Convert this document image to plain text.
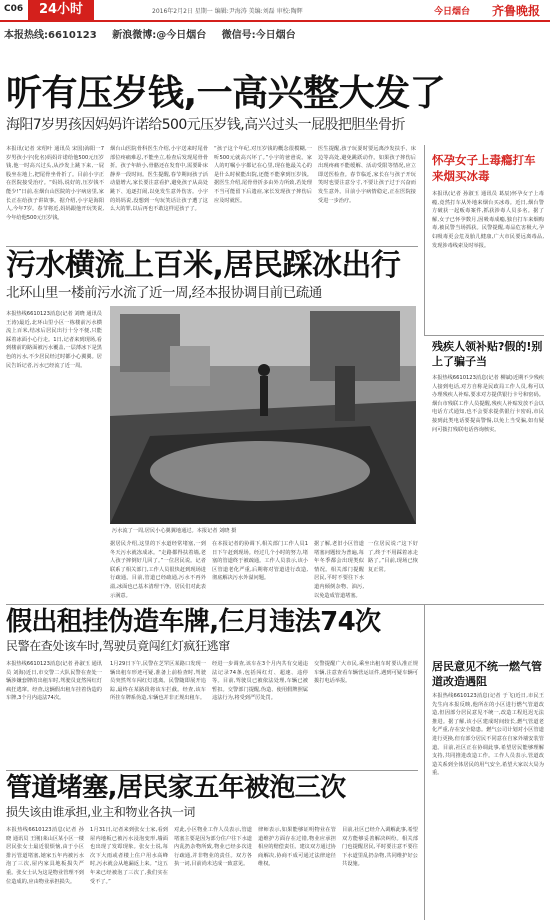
C06	24小时	2016年2月2日 星期一 编辑:尹海涛 美编:刘磊 审校:陶辉	今日烟台 齐鲁晚报
本报热线:6610123 新浪微博:@今日烟台 微信号:今日烟台
听有压岁钱,一高兴整大发了
海阳7岁男孩因妈妈许诺给500元压岁钱,高兴过头一屁股把胆坐骨折
本报讯(记者 宋绍叶 通讯员 宋国)海阳一7岁男孩小宇(化名)妈妈许诺给他500元压岁钱,他一时高兴过头,从沙发上跳下来,一屁股坐在地上,把尾骨坐骨折了。目前小宇正在医院接受治疗。“妈妈,说好的,压岁钱不能少!”日前,在烟台山医院的小宇病房里,家长正在给孩子讲故事。据介绍,小宇是海阳人,今年7岁。春节将近,妈妈跟他开玩笑说,今年给他500元压岁钱。
烟台山医院骨科医生介绍,小宇送来时尾骨部位疼痛难忍,不能坐立,检查后发现尾骨骨折。孩子年龄小,骨骼还在发育中,需要卧床静养一段时间。医生提醒,春节期间孩子活动量增大,家长要注意看护,避免孩子从高处跳下、追逐打闹,以免发生意外伤害。小宇的妈妈说,没想到一句玩笑话让孩子遭了这么大的罪,以后再也不敢这样逗孩子了。
“孩子这个年纪,对压岁钱的概念很模糊,一听500元就高兴坏了。”小宇的爸爸说。家人的叮嘱小宇都记在心里,现在他最关心的是什么时候能出院,还能不能拿到压岁钱。据医生介绍,尾骨骨折多由外力所致,若处理不当可能留下后遗症,家长发现孩子摔伤后应及时就医。
医生提醒,孩子玩耍时要远离沙发扶手、床边等高处,避免跳跃动作。如果孩子摔伤后出现疼痛不能缓解、活动受限等情况,应立即送医检查。春节临近,家长在与孩子开玩笑时也要注意分寸,不要让孩子过于兴奋而发生意外。目前小宇病情稳定,正在医院接受进一步治疗。
怀孕女子上毒瘾打车来烟买冰毒
本报讯(记者 孙淑玉 通讯员 葛辰)怀孕女子上毒瘾,竟然打车从外地来烟台买冰毒。近日,烟台警方破获一起贩毒案件,抓获涉毒人员多名。据了解,女子已怀孕数月,因吸毒成瘾,独自打车来烟购毒,被民警当场抓获。民警提醒,毒品危害极大,孕妇吸毒更会危及胎儿健康,广大市民要远离毒品,发现涉毒线索及时举报。
污水横流上百米,居民踩冰出行
北环山里一楼前污水流了近一周,经本报协调目前已疏通
本报热线6610123消息(记者 刘晓 通讯员 王涛)最近,北环山里小区一栋楼前污水横流上百米,结冰后居民出行十分不便,只能踩着冰面小心行走。1日,记者来到现场,看到楼前的路面被污水覆盖,一层薄冰下是黑色的污水,不少居民经过时都小心翼翼。居民告诉记者,污水已经流了近一周。
污水流了一周,居民小心翼翼地通过。本报记者 刘晓 摄
据居民介绍,这里的下水道经常堵塞,一到冬天污水就冻成冰。“走路都得扶着墙,老人孩子摔倒好几回了。”一位居民说。记者联系了相关部门,工作人员很快赶到现场进行疏通。目前,管道已经疏通,污水不再外溢,冰面也已基本清理干净。居民们对此表示满意。
在本报记者的协调下,相关部门工作人员1日下午赶到现场。经过几个小时的努力,堵塞的管道终于被疏通。工作人员表示,该小区管道老化严重,后期将对管道进行改造,彻底解决污水外溢问题。
据了解,老旧小区管道堵塞问题较为普遍,每年冬季都会出现类似情况。相关部门提醒居民,平时不要往下水道内倾倒杂物、油污,以免造成管道堵塞。
一位居民说:“这下好了,终于不用踩着冰走路了。”目前,现场已恢复正常。
残疾人领补贴?假的!别上了骗子当
本报热线6610123消息(记者 柳斌)近期不少残疾人接到电话,对方自称是民政局工作人员,称可以办理残疾人补贴,要求对方提供银行卡号和密码。烟台市残联工作人员提醒,残疾人补贴发放不会以电话方式通知,也不会要求提供银行卡密码,市民接到此类电话要提高警惕,以免上当受骗,如有疑问可拨打残联电话咨询核实。
假出租挂伪造车牌,仨月违法74次
民警在查处该车时,驾驶员竟闯红灯疯狂逃窜
本报热线6610123消息(记者 孙淑玉 通讯员 刘海)近日,市交警二大队民警在查处一辆涉嫌套牌的出租车时,驾驶员竟然闯红灯疯狂逃窜。经查,这辆假出租车挂着伪造的车牌,3个月内违法74次。
1月29日下午,民警在芝罘区某路口发现一辆出租车形迹可疑,准备上前检查时,驾驶员突然驾车闯红灯逃离。民警随即展开追踪,最终在某路段将该车拦截。经查,该车所挂车牌系伪造,车辆也并非正规出租车。
经进一步调查,该车在3个月内共有交通违法记录74条,包括闯红灯、超速、违停等。目前,驾驶员已被依法处理,车辆已被暂扣。交警部门提醒,伪造、使用假牌照属违法行为,将受到严厉处罚。
交警提醒广大市民,乘坐出租车时要认准正规车辆,注意查看车辆营运证件,遇到可疑车辆可拨打电话举报。
居民意见不统一燃气管道改造遇阻
本报热线6610123消息(记者 于飞)近日,市民王先生向本报反映,他所在的小区进行燃气管道改造,但因部分居民意见不统一,改造工程迟迟无法推进。据了解,该小区建成时间较长,燃气管道老化严重,存在安全隐患。燃气公司计划对小区管道进行更换,但有部分居民不同意在自家外墙安装管道。目前,社区正在协调此事,希望居民能够理解支持,共同推进改造工作。工作人员表示,管道改造关系到全体居民的用气安全,希望大家以大局为重。
管道堵塞,居民家五年被泡三次
损失该由谁承担,业主和物业各执一词
本报热线6610123消息(记者 孙晓 通讯员 王刚)莱山区某小区一楼居民张女士最近很烦恼,由于小区排污管道堵塞,她家五年内被污水泡了三次,屋内家具地板损失严重。张女士认为这是物业管理不到位造成的,应由物业承担损失。
1月31日,记者来到张女士家,看到屋内地板已被污水浸泡变形,墙面也出现了发霉现象。张女士说,每次下大雨或者楼上住户用水高峰时,污水就会从地漏返上来。“这五年来已经被泡了三次了,我们实在受不了。”
对此,小区物业工作人员表示,管道堵塞主要是因为部分住户往下水道内乱扔杂物所致,物业已经多次进行疏通,并非物业的责任。双方各执一词,目前尚未达成一致意见。
律师表示,如果能够证明物业在管道维护方面存在过错,物业应承担相应的赔偿责任。建议双方通过协商解决,协商不成可通过法律途径维权。
目前,社区已经介入调解此事,希望双方能够妥善解决纠纷。相关部门也提醒居民,平时要注意不要往下水道里乱扔杂物,共同维护好公共设施。
